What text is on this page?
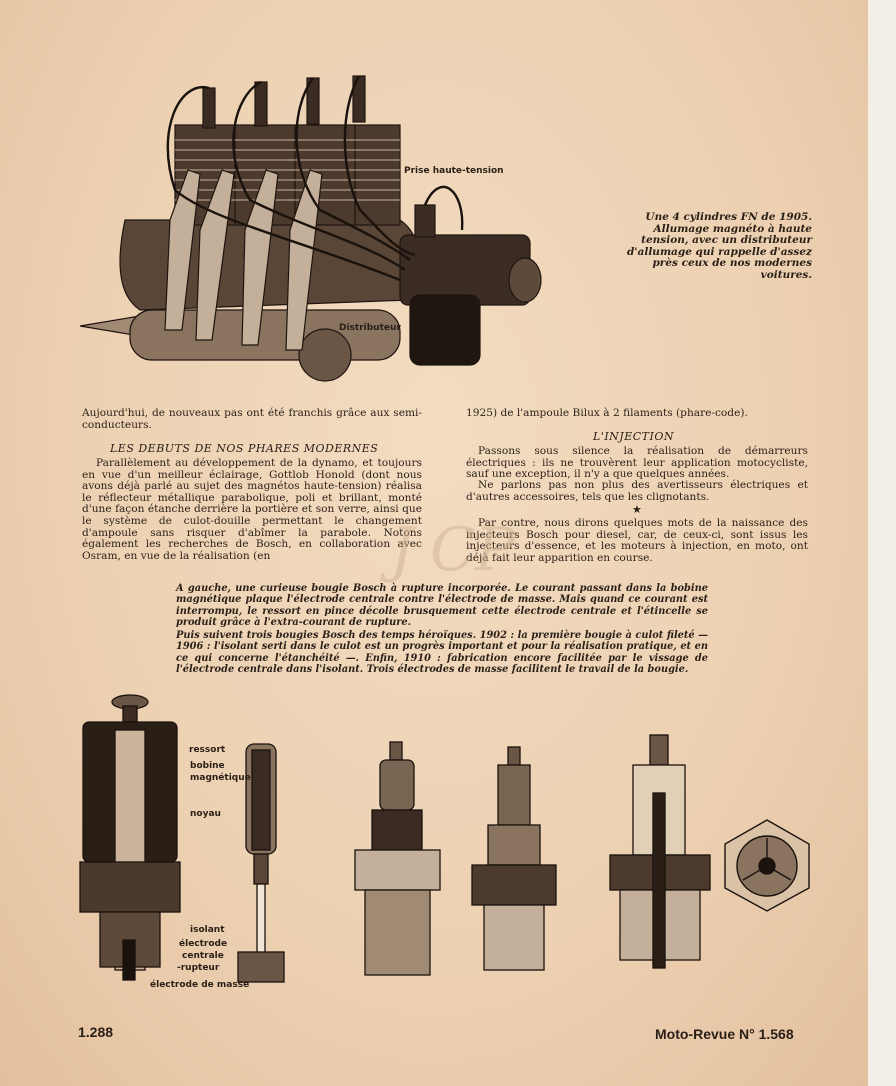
Prise haute-tension
Distributeur
Une 4 cylindres FN de 1905. Allumage magnéto à haute tension, avec un distributeur d'allumage qui rappelle d'assez près ceux de nos modernes voitures.
Aujourd'hui, de nouveaux pas ont été franchis grâce aux semi-conducteurs.
LES DEBUTS DE NOS PHARES MODERNES
Parallèlement au développement de la dynamo, et toujours en vue d'un meilleur éclairage, Gottlob Honold (dont nous avons déjà parlé au sujet des magnétos haute-tension) réalisa le réflecteur métallique parabolique, poli et brillant, monté d'une façon étanche derrière la portière et son verre, ainsi que le système de culot-douille permettant le changement d'ampoule sans risquer d'abîmer la parabole. Notons également les recherches de Bosch, en collaboration avec Osram, en vue de la réalisation (en
1925) de l'ampoule Bilux à 2 filaments (phare-code).
L'INJECTION
Passons sous silence la réalisation de démarreurs électriques : ils ne trouvèrent leur application motocycliste, sauf une exception, il n'y a que quelques années.
Ne parlons pas non plus des avertisseurs électriques et d'autres accessoires, tels que les clignotants.
★
Par contre, nous dirons quelques mots de la naissance des injecteurs Bosch pour diesel, car, de ceux-ci, sont issus les injecteurs d'essence, et les moteurs à injection, en moto, ont déjà fait leur apparition en course.
J C P
A gauche, une curieuse bougie Bosch à rupture incorporée. Le courant passant dans la bobine magnétique plaque l'électrode centrale contre l'électrode de masse. Mais quand ce courant est interrompu, le ressort en pince décolle brusquement cette électrode centrale et l'étincelle se produit grâce à l'extra-courant de rupture.
Puis suivent trois bougies Bosch des temps héroïques. 1902 : la première bougie à culot fileté — 1906 : l'isolant serti dans le culot est un progrès important et pour la réalisation pratique, et en ce qui concerne l'étanchéité —. Enfin, 1910 : fabrication encore facilitée par le vissage de l'électrode centrale dans l'isolant. Trois électrodes de masse facilitent le travail de la bougie.
ressort
bobine
magnétique
noyau
isolant
électrode
centrale
-rupteur
électrode de masse
1.288	Moto-Revue N° 1.568
